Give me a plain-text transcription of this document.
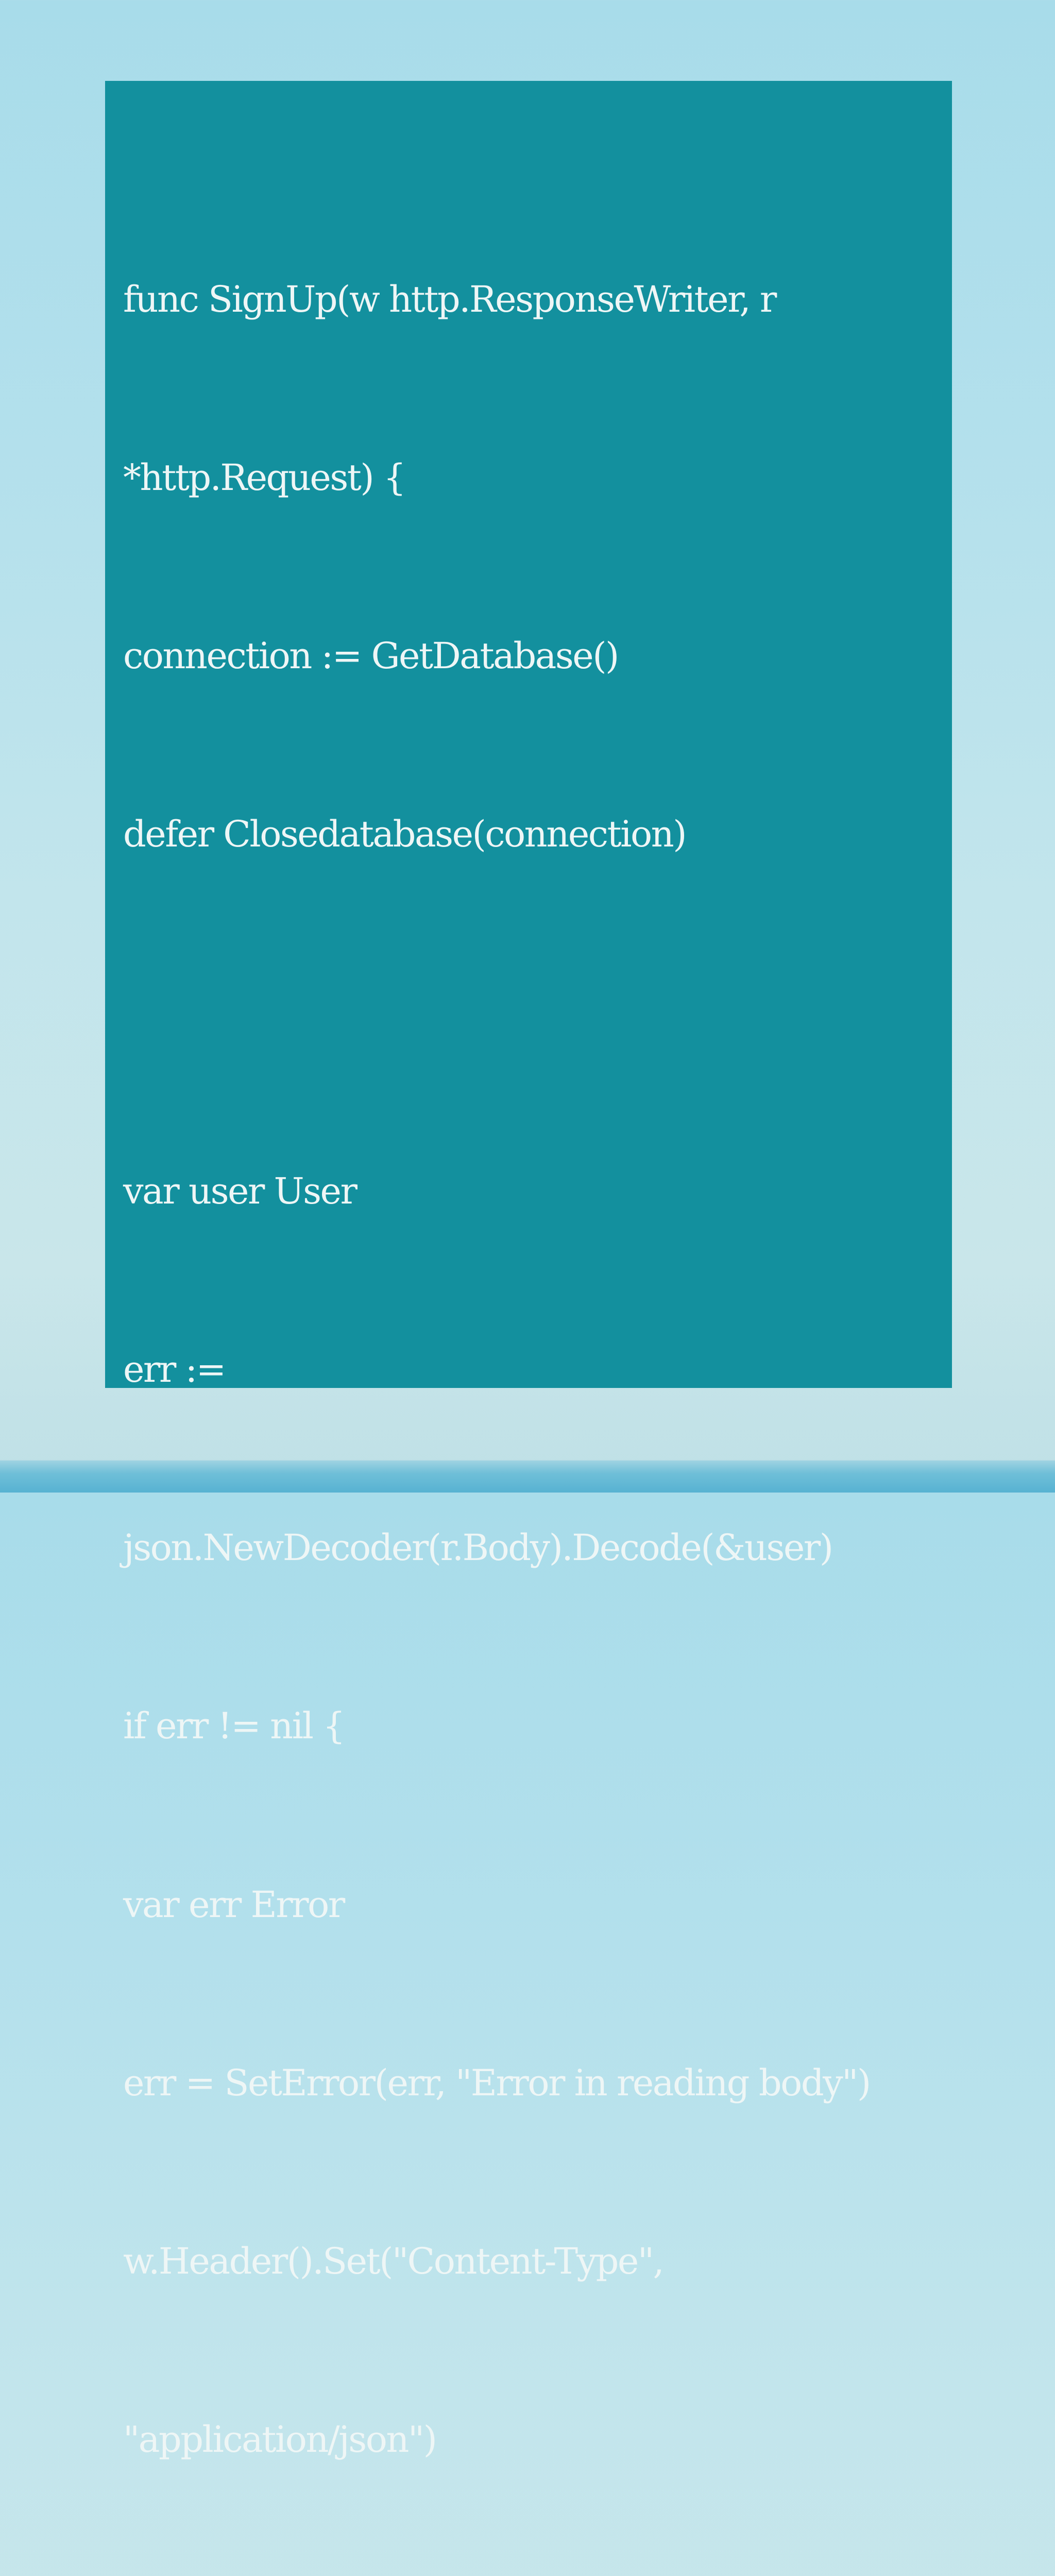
func SignUp(w http.ResponseWriter, r

*http.Request) {

connection := GetDatabase()

defer Closedatabase(connection)

var user User

err :=

json.NewDecoder(r.Body).Decode(&user)

if err != nil {

var err Error

err = SetError(err, "Error in reading body")

w.Header().Set("Content-Type",

"application/json")
